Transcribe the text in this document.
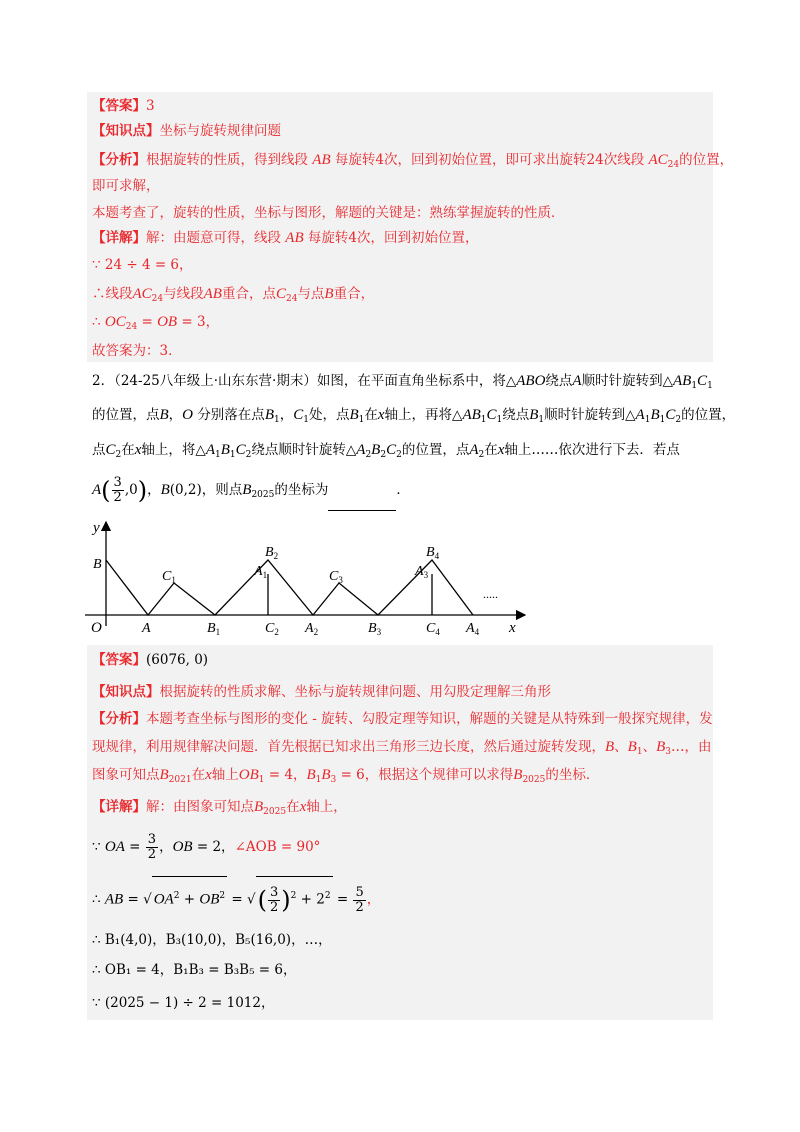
【答案】3
【知识点】坐标与旋转规律问题
【分析】根据旋转的性质，得到线段 AB 每旋转4次，回到初始位置，即可求出旋转24次线段 $AC_{24}$的位置，
即可求解，
本题考查了，旋转的性质，坐标与图形，解题的关键是：熟练掌握旋转的性质．
【详解】解：由题意可得，线段 AB 每旋转4次，回到初始位置，
∵ 24 ÷ 4 = 6，
∴线段$AC_{24}$与线段AB重合，点$C_{24}$与点B重合，
∴ $OC_{24}$ = OB = 3，
故答案为：3．
2．（24-25八年级上·山东东营·期末）如图，在平面直角坐标系中，将△ABO绕点A顺时针旋转到$\triangle AB_1C_1$
的位置，点B，O 分别落在点$B_1$，$C_1$处，点$B_1$在x轴上，再将$\triangle AB_1C_1$绕点$B_1$顺时针旋转到$\triangle A_1B_1C_2$的位置，
点$C_2$在x轴上，将$\triangle A_1B_1C_2$绕点顺时针旋转$\triangle A_2B_2C_2$的位置，点$A_2$在x轴上……依次进行下去．若点
$A( \frac{3}{2} ,0)$，B(0,2)，则点$B_{2025}$的坐标为	．
y
x
O
.....
B
$C_1$
$B_2$
$A_1$	$C_3$
$B_4$
$A_3$
A	$B_1$	$C_2$ $A_2$	$B_3$	$C_4$ $A_4$
【答案】(6076, 0)
【知识点】根据旋转的性质求解、坐标与旋转规律问题、用勾股定理解三角形
【分析】本题考查坐标与图形的变化 - 旋转、勾股定理等知识，解题的关键是从特殊到一般探究规律，发
现规律，利用规律解决问题．首先根据已知求出三角形三边长度，然后通过旋转发现，B、$B_1$、$B_3\dots$，由
图象可知点$B_{2021}$在x轴上$OB_1 = 4$，$B_1B_3 = 6$，根据这个规律可以求得$B_{2025}$的坐标．
【详解】解：由图象可知点$B_{2025}$在x轴上，
∵ OA = $\frac{3}{2}$ ，OB = 2，∠AOB = 90°
∴ AB = √ $OA^2 + OB^2$ = √( $\frac{3}{2} )^2 + 2^2 = \frac{5}{2}$ ，
∴ B₁(4,0)，B₃(10,0)，B₅(16,0)，…，
∴ OB₁ = 4，B₁B₃ = B₃B₅ = 6，
∵ (2025 − 1) ÷ 2 = 1012，
